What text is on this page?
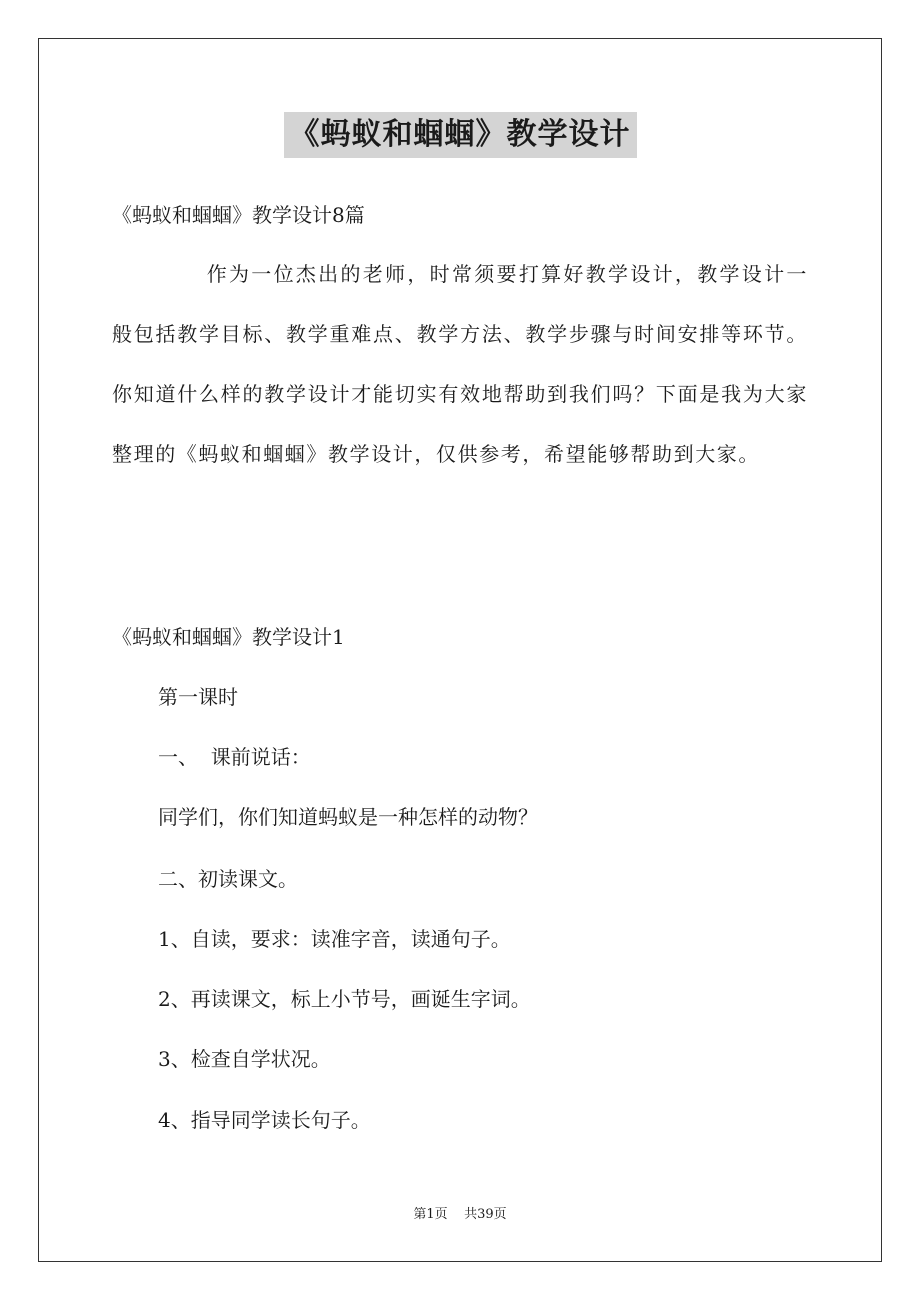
《蚂蚁和蝈蝈》教学设计
《蚂蚁和蝈蝈》教学设计8篇
作为一位杰出的老师，时常须要打算好教学设计，教学设计一般包括教学目标、教学重难点、教学方法、教学步骤与时间安排等环节。你知道什么样的教学设计才能切实有效地帮助到我们吗？下面是我为大家整理的《蚂蚁和蝈蝈》教学设计，仅供参考，希望能够帮助到大家。
《蚂蚁和蝈蝈》教学设计1
第一课时
一、  课前说话：
同学们，你们知道蚂蚁是一种怎样的动物？
二、初读课文。
1、自读，要求：读准字音，读通句子。
2、再读课文，标上小节号，画诞生字词。
3、检查自学状况。
4、指导同学读长句子。
第1页 共39页
